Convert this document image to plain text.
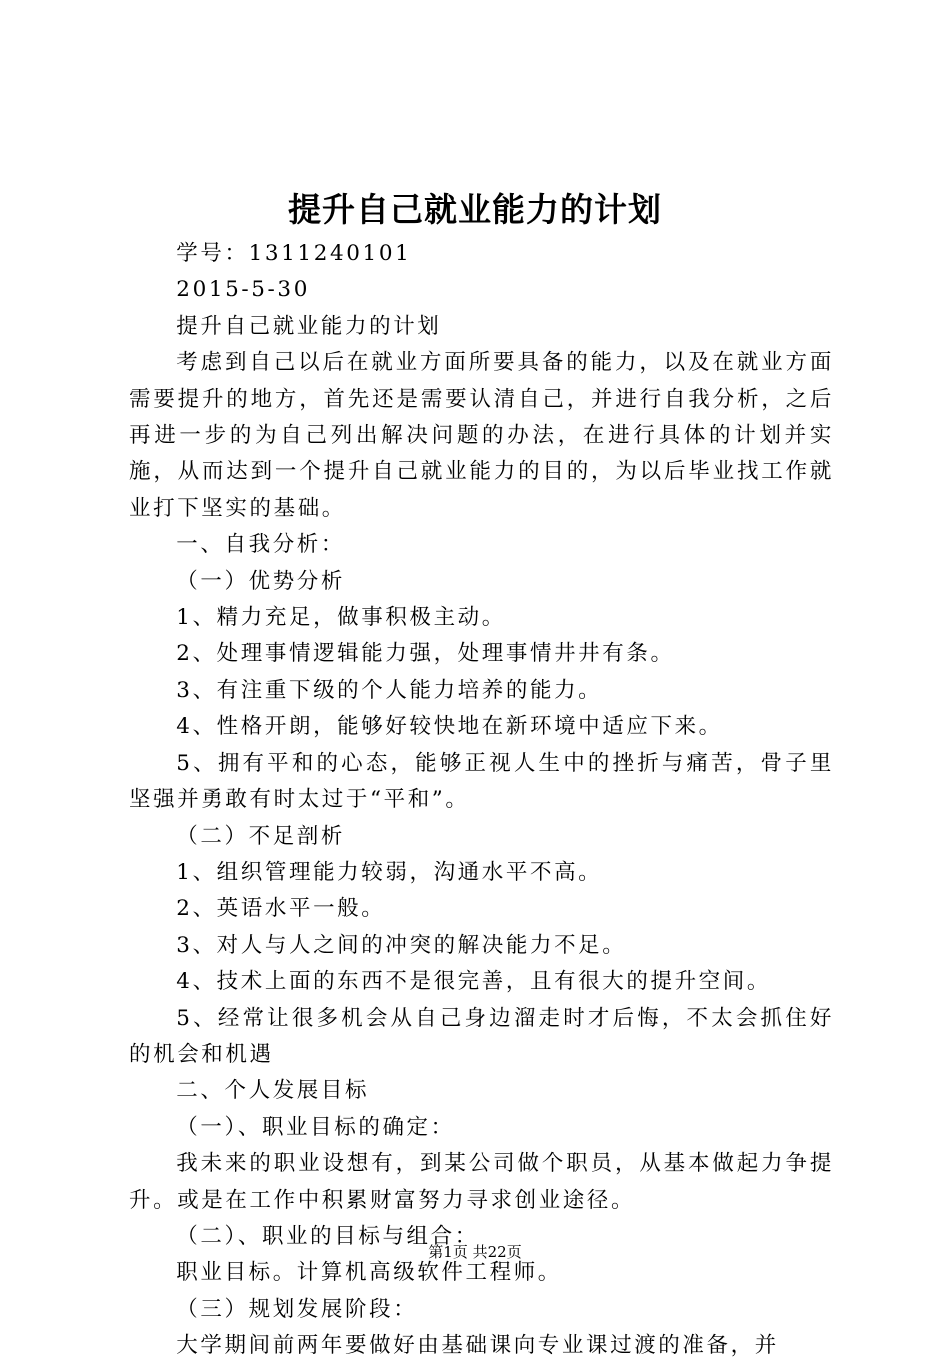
提升自己就业能力的计划

学号：1311240101

2015-5-30

提升自己就业能力的计划

考虑到自己以后在就业方面所要具备的能力，以及在就业方面需要提升的地方，首先还是需要认清自己，并进行自我分析，之后再进一步的为自己列出解决问题的办法，在进行具体的计划并实施，从而达到一个提升自己就业能力的目的，为以后毕业找工作就业打下坚实的基础。

一、自我分析：

（一）优势分析

1、精力充足，做事积极主动。

2、处理事情逻辑能力强，处理事情井井有条。

3、有注重下级的个人能力培养的能力。

4、性格开朗，能够好较快地在新环境中适应下来。

5、拥有平和的心态，能够正视人生中的挫折与痛苦，骨子里坚强并勇敢有时太过于“平和”。

（二）不足剖析

1、组织管理能力较弱，沟通水平不高。

2、英语水平一般。

3、对人与人之间的冲突的解决能力不足。

4、技术上面的东西不是很完善，且有很大的提升空间。

5、经常让很多机会从自己身边溜走时才后悔，不太会抓住好的机会和机遇

二、个人发展目标

（一）、职业目标的确定：

我未来的职业设想有，到某公司做个职员，从基本做起力争提升。或是在工作中积累财富努力寻求创业途径。

（二）、职业的目标与组合：

职业目标。计算机高级软件工程师。

（三）规划发展阶段：

大学期间前两年要做好由基础课向专业课过渡的准备，并

第1页 共22页
